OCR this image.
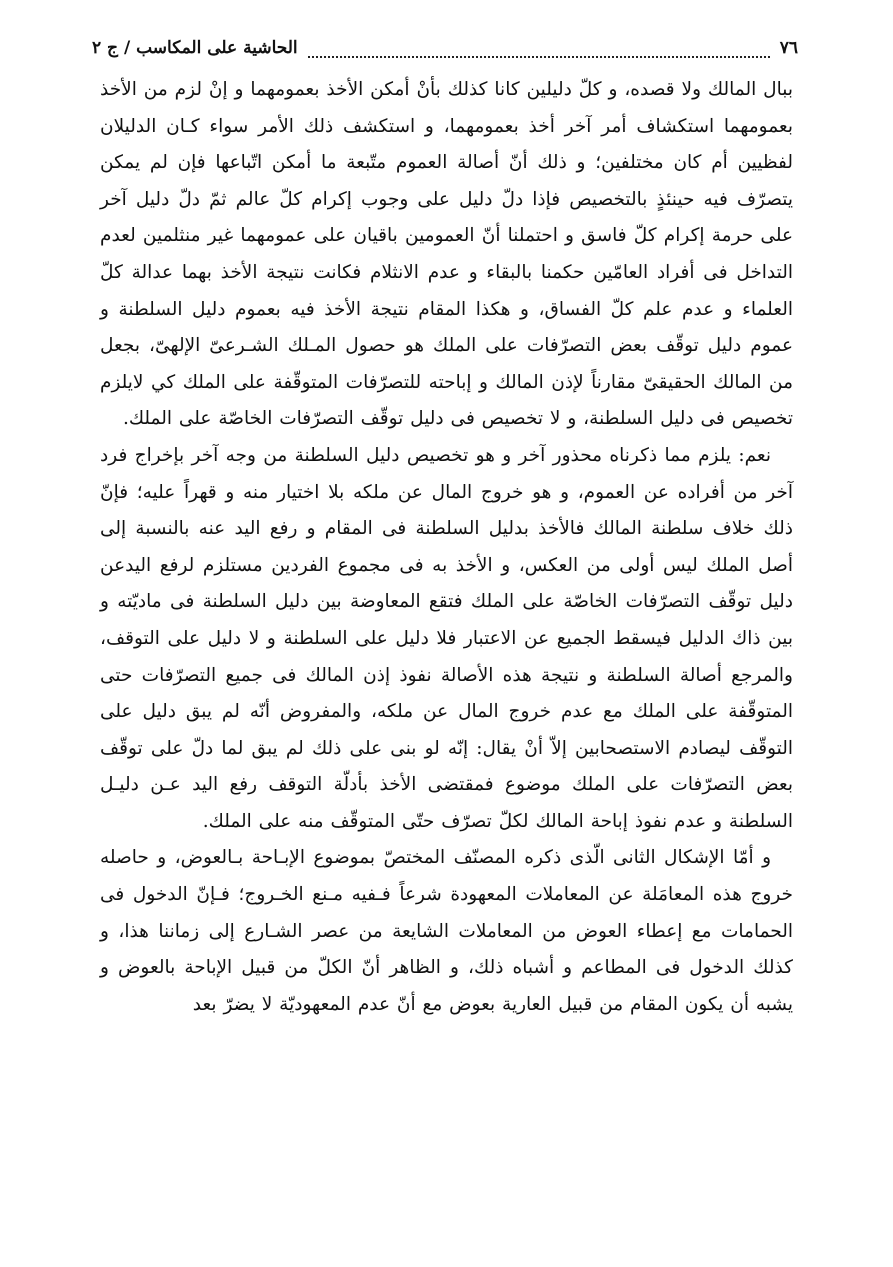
٧٦
الحاشية على المكاسب / ج ٢

ببال المالك ولا قصده، و كلّ دليلين كانا كذلك بأنْ أمكن الأخذ بعمومهما و إنْ لزم من الأخذ بعمومهما استكشاف أمر آخر أخذ بعمومهما، و استكشف ذلك الأمر سواء كـان الدليلان لفظيين أم كان مختلفين؛ و ذلك أنّ أصالة العموم متّبعة ما أمكن اتّباعها فإن لم يمكن يتصرّف فيه حينئذٍ بالتخصيص فإذا دلّ دليل على وجوب إكرام كلّ عالم ثمّ دلّ دليل آخر على حرمة إكرام كلّ فاسق و احتملنا أنّ العمومين باقيان على عمومهما غير منثلمين لعدم التداخل فى أفراد العامّين حكمنا بالبقاء و عدم الانثلام فكانت نتيجة الأخذ بهما عدالة كلّ العلماء و عدم علم كلّ الفساق، و هكذا المقام نتيجة الأخذ فيه بعموم دليل السلطنة و عموم دليل توقّف بعض التصرّفات على الملك هو حصول المـلك الشـرعىّ الإلهىّ، بجعل من المالك الحقيقىّ مقارناً لإذن المالك و إباحته للتصرّفات المتوقّفة على الملك كي لايلزم تخصيص فى دليل السلطنة، و لا تخصيص فى دليل توقّف التصرّفات الخاصّة على الملك.

نعم: يلزم مما ذكرناه محذور آخر و هو تخصيص دليل السلطنة من وجه آخر بإخراج فرد آخر من أفراده عن العموم، و هو خروج المال عن ملكه بلا اختيار منه و قهراً عليه؛ فإنّ ذلك خلاف سلطنة المالك فالأخذ بدليل السلطنة فى المقام و رفع اليد عنه بالنسبة إلى أصل الملك ليس أولى من العكس، و الأخذ به فى مجموع الفردين مستلزم لرفع اليدعن دليل توقّف التصرّفات الخاصّة على الملك فتقع المعاوضة بين دليل السلطنة فى ماديّته و بين ذاك الدليل فيسقط الجميع عن الاعتبار فلا دليل على السلطنة و لا دليل على التوقف، والمرجع أصالة السلطنة و نتيجة هذه الأصالة نفوذ إذن المالك فى جميع التصرّفات حتى المتوقّفة على الملك مع عدم خروج المال عن ملكه، والمفروض أنّه لم يبق دليل على التوقّف ليصادم الاستصحابين إلاّ أنْ يقال: إنّه لو بنى على ذلك لم يبق لما دلّ على توقّف بعض التصرّفات على الملك موضوع فمقتضى الأخذ بأدلّة التوقف رفع اليد عـن دليـل السلطنة و عدم نفوذ إباحة المالك لكلّ تصرّف حتّى المتوقّف منه على الملك.

و أمّا الإشكال الثانى الّذى ذكره المصنّف المختصّ بموضوع الإبـاحة بـالعوض، و حاصله خروج هذه المعامَلة عن المعاملات المعهودة شرعاً فـفيه مـنع الخـروج؛ فـإنّ الدخول فى الحمامات مع إعطاء العوض من المعاملات الشايعة من عصر الشـارع إلى زماننا هذا، و كذلك الدخول فى المطاعم و أشباه ذلك، و الظاهر أنّ الكلّ من قبيل الإباحة بالعوض و يشبه أن يكون المقام من قبيل العارية بعوض مع أنّ عدم المعهوديّة لا يضرّ بعد
